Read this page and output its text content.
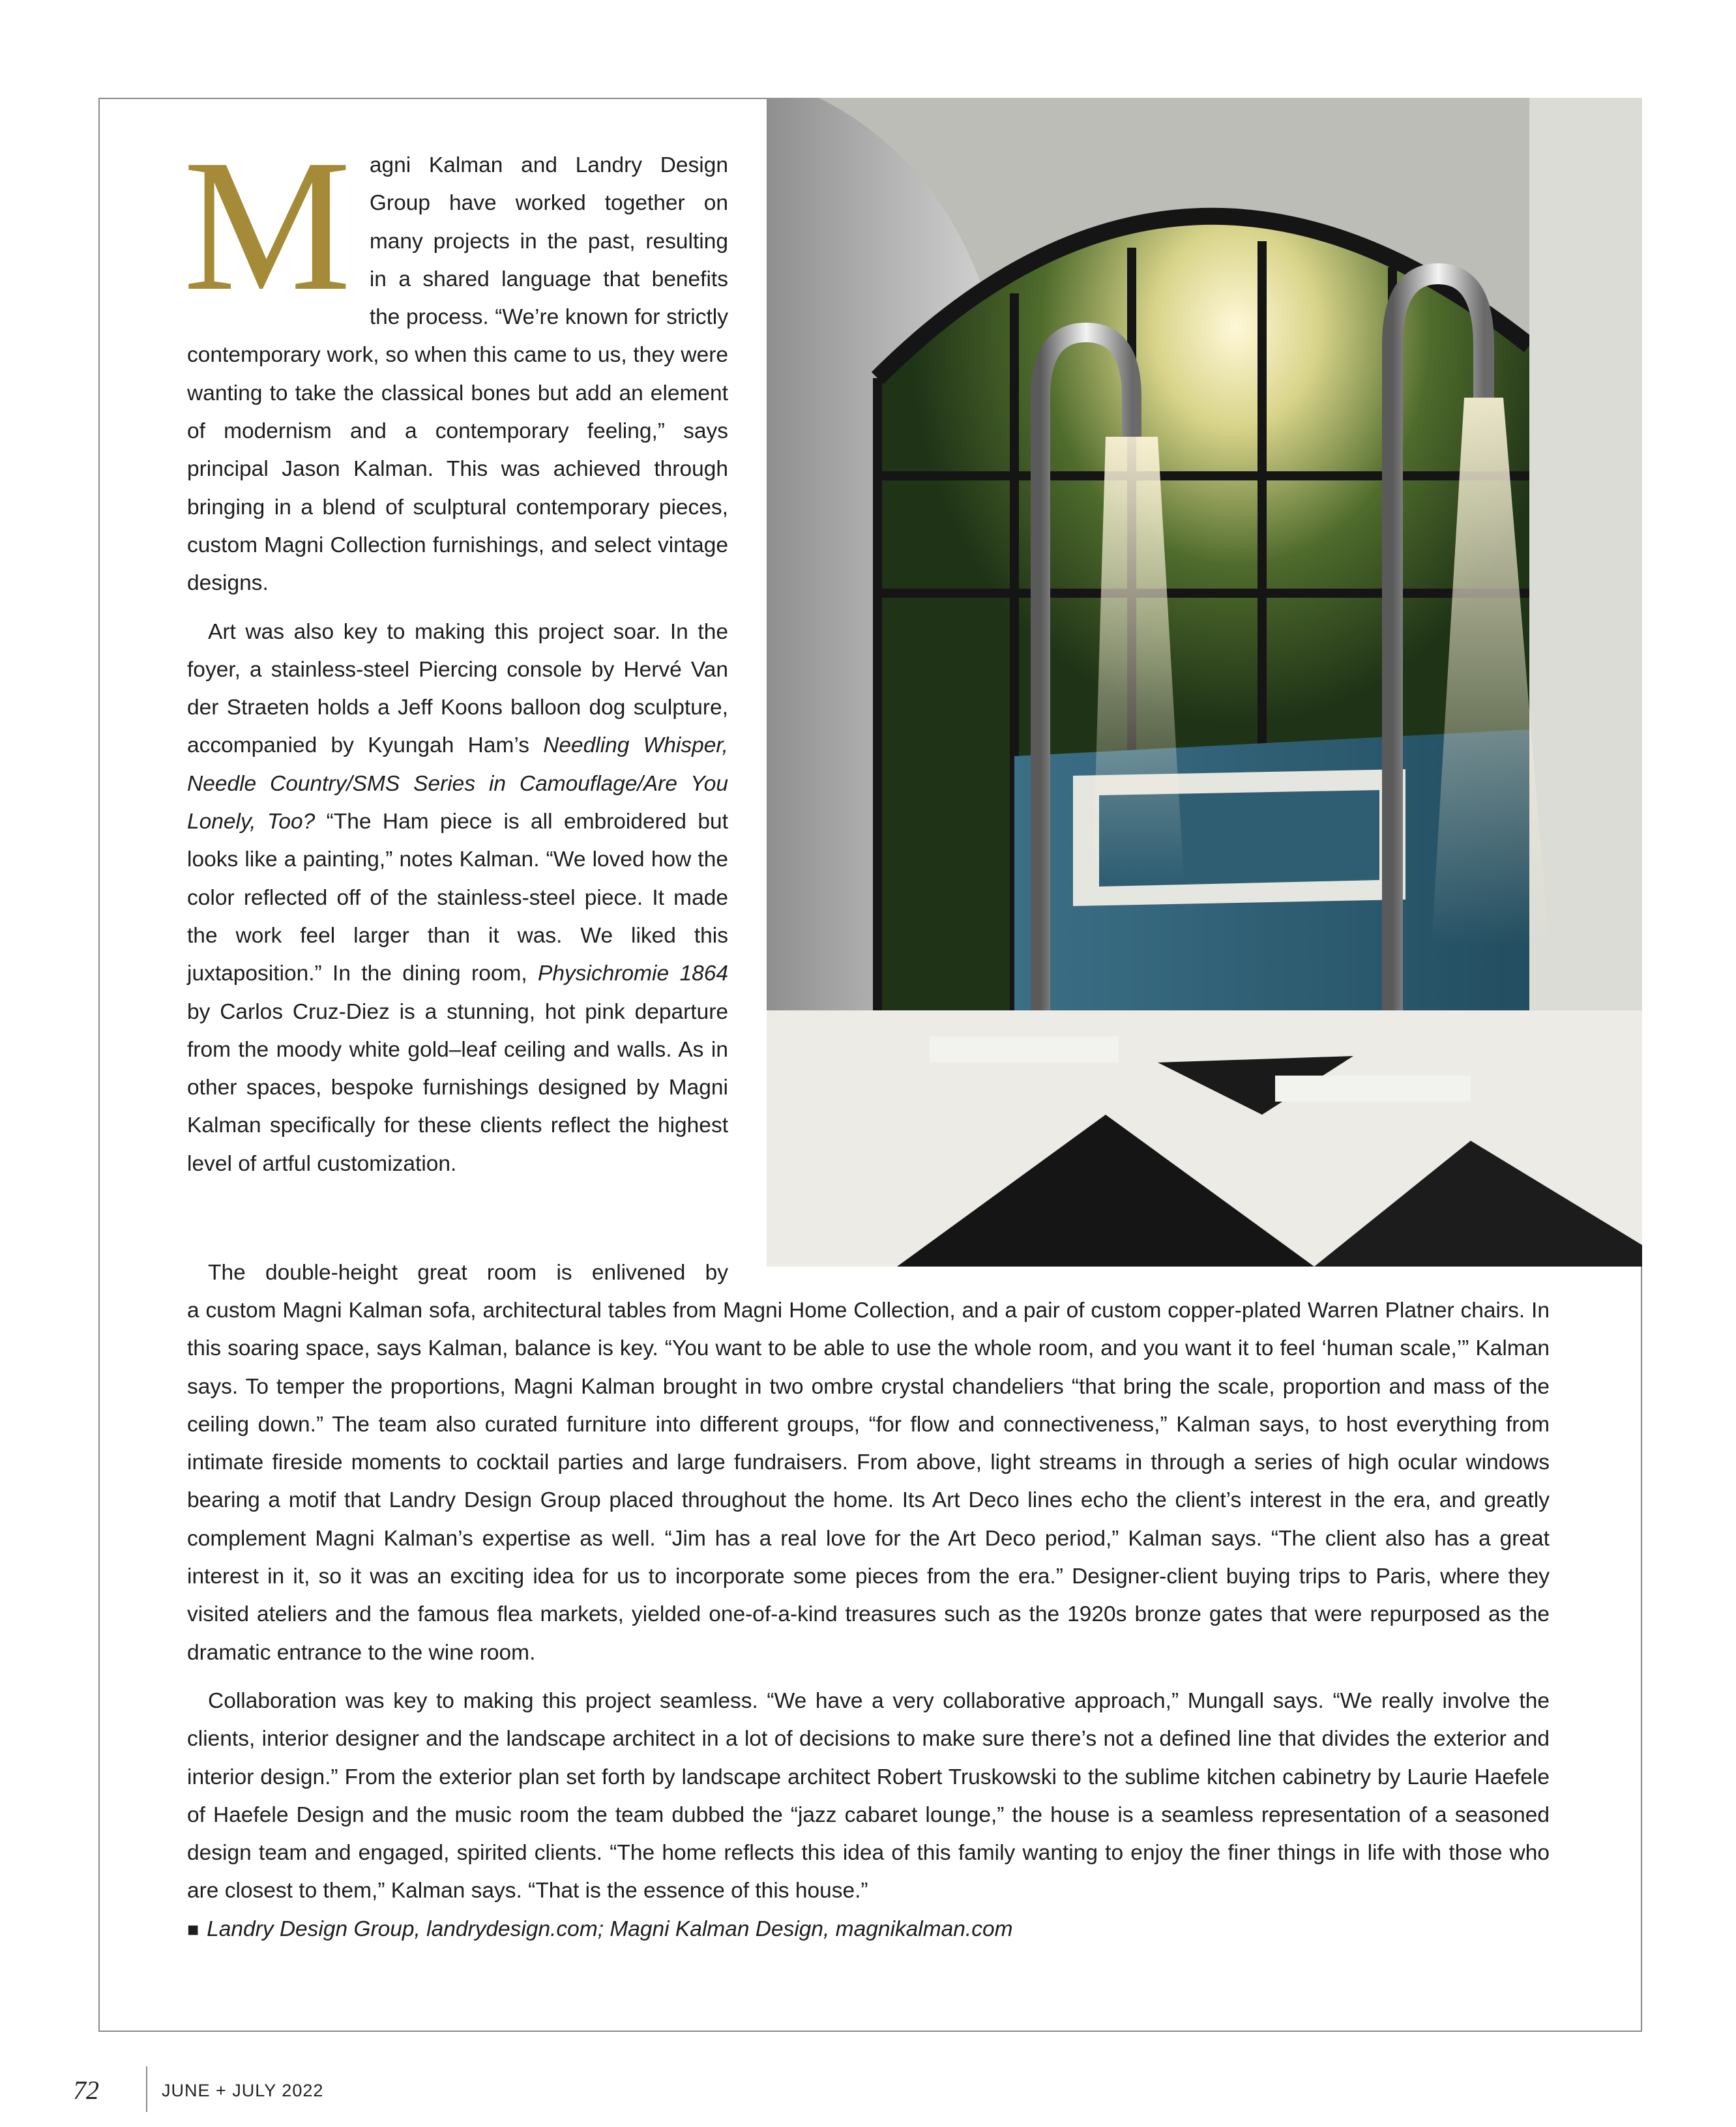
M agni Kalman and Landry Design Group have worked together on many projects in the past, resulting in a shared language that benefits the process. “We’re known for strictly contemporary work, so when this came to us, they were wanting to take the classical bones but add an element of modernism and a contemporary feeling,” says principal Jason Kalman. This was achieved through bringing in a blend of sculptural contemporary pieces, custom Magni Collection furnishings, and select vintage designs.

Art was also key to making this project soar. In the foyer, a stainless-steel Piercing console by Hervé Van der Straeten holds a Jeff Koons balloon dog sculpture, accompanied by Kyungah Ham’s Needling Whisper, Needle Country/SMS Series in Camouflage/Are You Lonely, Too? “The Ham piece is all embroidered but looks like a painting,” notes Kalman. “We loved how the color reflected off of the stainless-steel piece. It made the work feel larger than it was. We liked this juxtaposition.” In the dining room, Physichromie 1864 by Carlos Cruz-Diez is a stunning, hot pink departure from the moody white gold–leaf ceiling and walls. As in other spaces, bespoke furnishings designed by Magni Kalman specifically for these clients reflect the highest level of artful customization.

The double-height great room is enlivened by

a custom Magni Kalman sofa, architectural tables from Magni Home Collection, and a pair of custom copper-plated Warren Platner chairs. In this soaring space, says Kalman, balance is key. “You want to be able to use the whole room, and you want it to feel ‘human scale,’” Kalman says. To temper the proportions, Magni Kalman brought in two ombre crystal chandeliers “that bring the scale, proportion and mass of the ceiling down.” The team also curated furniture into different groups, “for flow and connectiveness,” Kalman says, to host everything from intimate fireside moments to cocktail parties and large fundraisers. From above, light streams in through a series of high ocular windows bearing a motif that Landry Design Group placed throughout the home. Its Art Deco lines echo the client’s interest in the era, and greatly complement Magni Kalman’s expertise as well. “Jim has a real love for the Art Deco period,” Kalman says. “The client also has a great interest in it, so it was an exciting idea for us to incorporate some pieces from the era.” Designer-client buying trips to Paris, where they visited ateliers and the famous flea markets, yielded one-of-a-kind treasures such as the 1920s bronze gates that were repurposed as the dramatic entrance to the wine room.

Collaboration was key to making this project seamless. “We have a very collaborative approach,” Mungall says. “We really involve the clients, interior designer and the landscape architect in a lot of decisions to make sure there’s not a defined line that divides the exterior and interior design.” From the exterior plan set forth by landscape architect Robert Truskowski to the sublime kitchen cabinetry by Laurie Haefele of Haefele Design and the music room the team dubbed the “jazz cabaret lounge,” the house is a seamless representation of a seasoned design team and engaged, spirited clients. “The home reflects this idea of this family wanting to enjoy the finer things in life with those who are closest to them,” Kalman says. “That is the essence of this house.”

■ Landry Design Group, landrydesign.com; Magni Kalman Design, magnikalman.com

72	JUNE + JULY 2022
